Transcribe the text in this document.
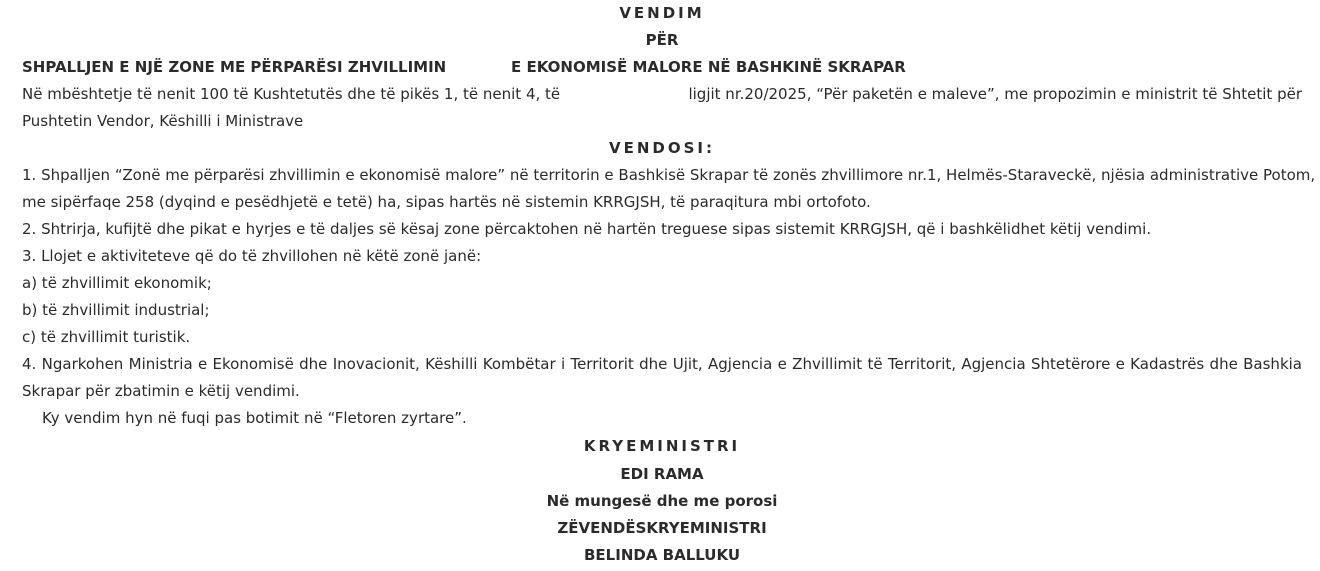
VENDIM
PËR
SHPALLJEN E NJË ZONE ME PËRPARËSI ZHVILLIMIN	E EKONOMISË MALORE NË BASHKINË SKRAPAR
Në mbështetje të nenit 100 të Kushtetutës dhe të pikës 1, të nenit 4, të	ligjit nr.20/2025, “Për paketën e maleve”, me propozimin e ministrit të Shtetit për
Pushtetin Vendor, Këshilli i Ministrave
VENDOSI:
1. Shpalljen “Zonë me përparësi zhvillimin e ekonomisë malore” në territorin e Bashkisë Skrapar të zonës zhvillimore nr.1, Helmës-Staraveckë, njësia administrative Potom,
me sipërfaqe 258 (dyqind e pesëdhjetë e tetë) ha, sipas hartës në sistemin KRRGJSH, të paraqitura mbi ortofoto.
2. Shtrirja, kufijtë dhe pikat e hyrjes e të daljes së kësaj zone përcaktohen në hartën treguese sipas sistemit KRRGJSH, që i bashkëlidhet këtij vendimi.
3. Llojet e aktiviteteve që do të zhvillohen në këtë zonë janë:
a) të zhvillimit ekonomik;
b) të zhvillimit industrial;
c) të zhvillimit turistik.
4. Ngarkohen Ministria e Ekonomisë dhe Inovacionit, Këshilli Kombëtar i Territorit dhe Ujit, Agjencia e Zhvillimit të Territorit, Agjencia Shtetërore e Kadastrës dhe Bashkia
Skrapar për zbatimin e këtij vendimi.
Ky vendim hyn në fuqi pas botimit në “Fletoren zyrtare”.
KRYEMINISTRI
EDI RAMA
Në mungesë dhe me porosi
ZËVENDËSKRYEMINISTRI
BELINDA BALLUKU
